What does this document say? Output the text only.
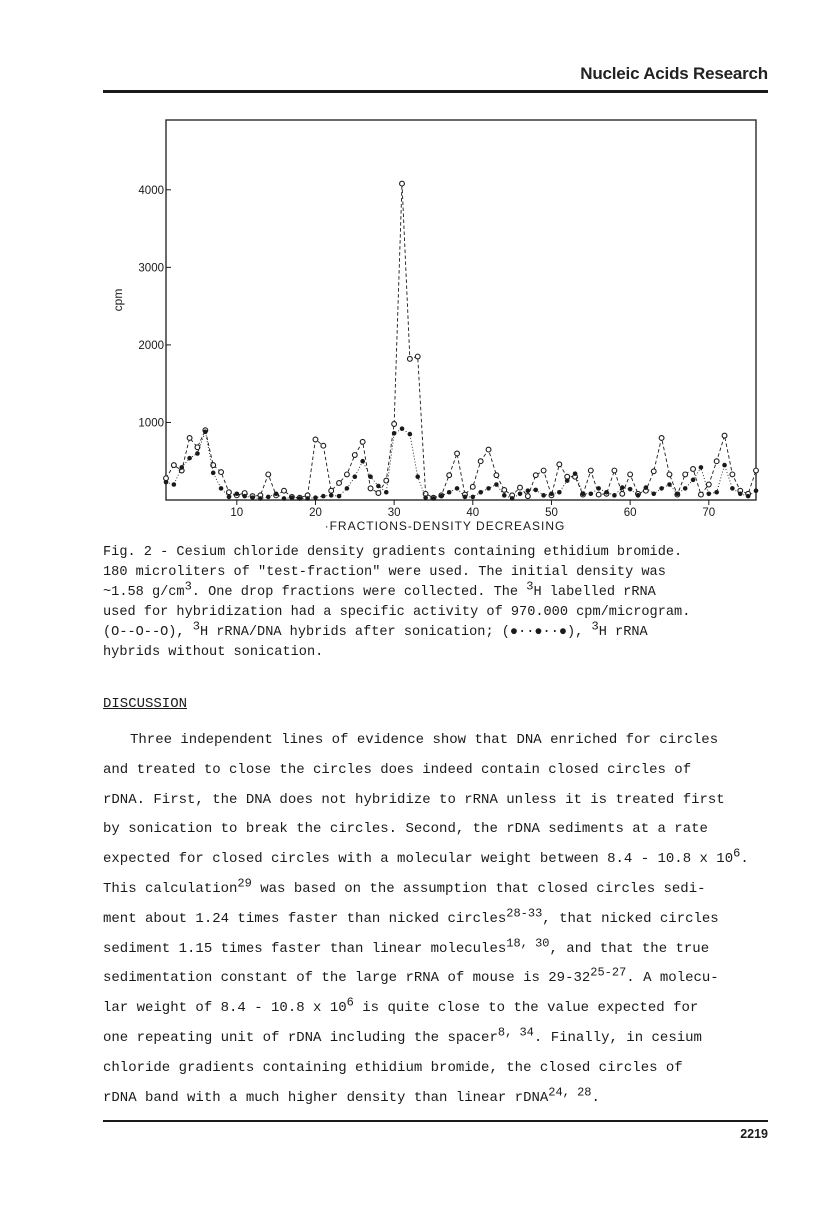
Nucleic Acids Research
10	20	30	40	50	60	70
1000
2000
3000
4000
·FRACTIONS-DENSITY DECREASING
cpm
Fig. 2 - Cesium chloride density gradients containing ethidium bromide.
180 microliters of "test-fraction" were used. The initial density was
~1.58 $g/cm^3$. One drop fractions were collected. The $^3$H labelled rRNA
used for hybridization had a specific activity of 970.000 cpm/microgram.
(O--O--O), $^3$H rRNA/DNA hybrids after sonication; (●··●··●), $^3$H rRNA
hybrids without sonication.
DISCUSSION

Three independent lines of evidence show that DNA enriched for circles

and treated to close the circles does indeed contain closed circles of

rDNA. First, the DNA does not hybridize to rRNA unless it is treated first

by sonication to break the circles. Second, the rDNA sediments at a rate

expected for closed circles with a molecular weight between 8.4 - 10.8 x $10^6$.

This calculation$^{29}$ was based on the assumption that closed circles sedi-

ment about 1.24 times faster than nicked circles$^{28-33}$, that nicked circles

sediment 1.15 times faster than linear molecules$^{18, 30}$, and that the true

sedimentation constant of the large rRNA of mouse is 29-32$^{25-27}$. A molecu-

lar weight of 8.4 - 10.8 x $10^6$ is quite close to the value expected for

one repeating unit of rDNA including the spacer$^{8, 34}$. Finally, in cesium

chloride gradients containing ethidium bromide, the closed circles of

rDNA band with a much higher density than linear rDNA$^{24, 28}$.

2219
